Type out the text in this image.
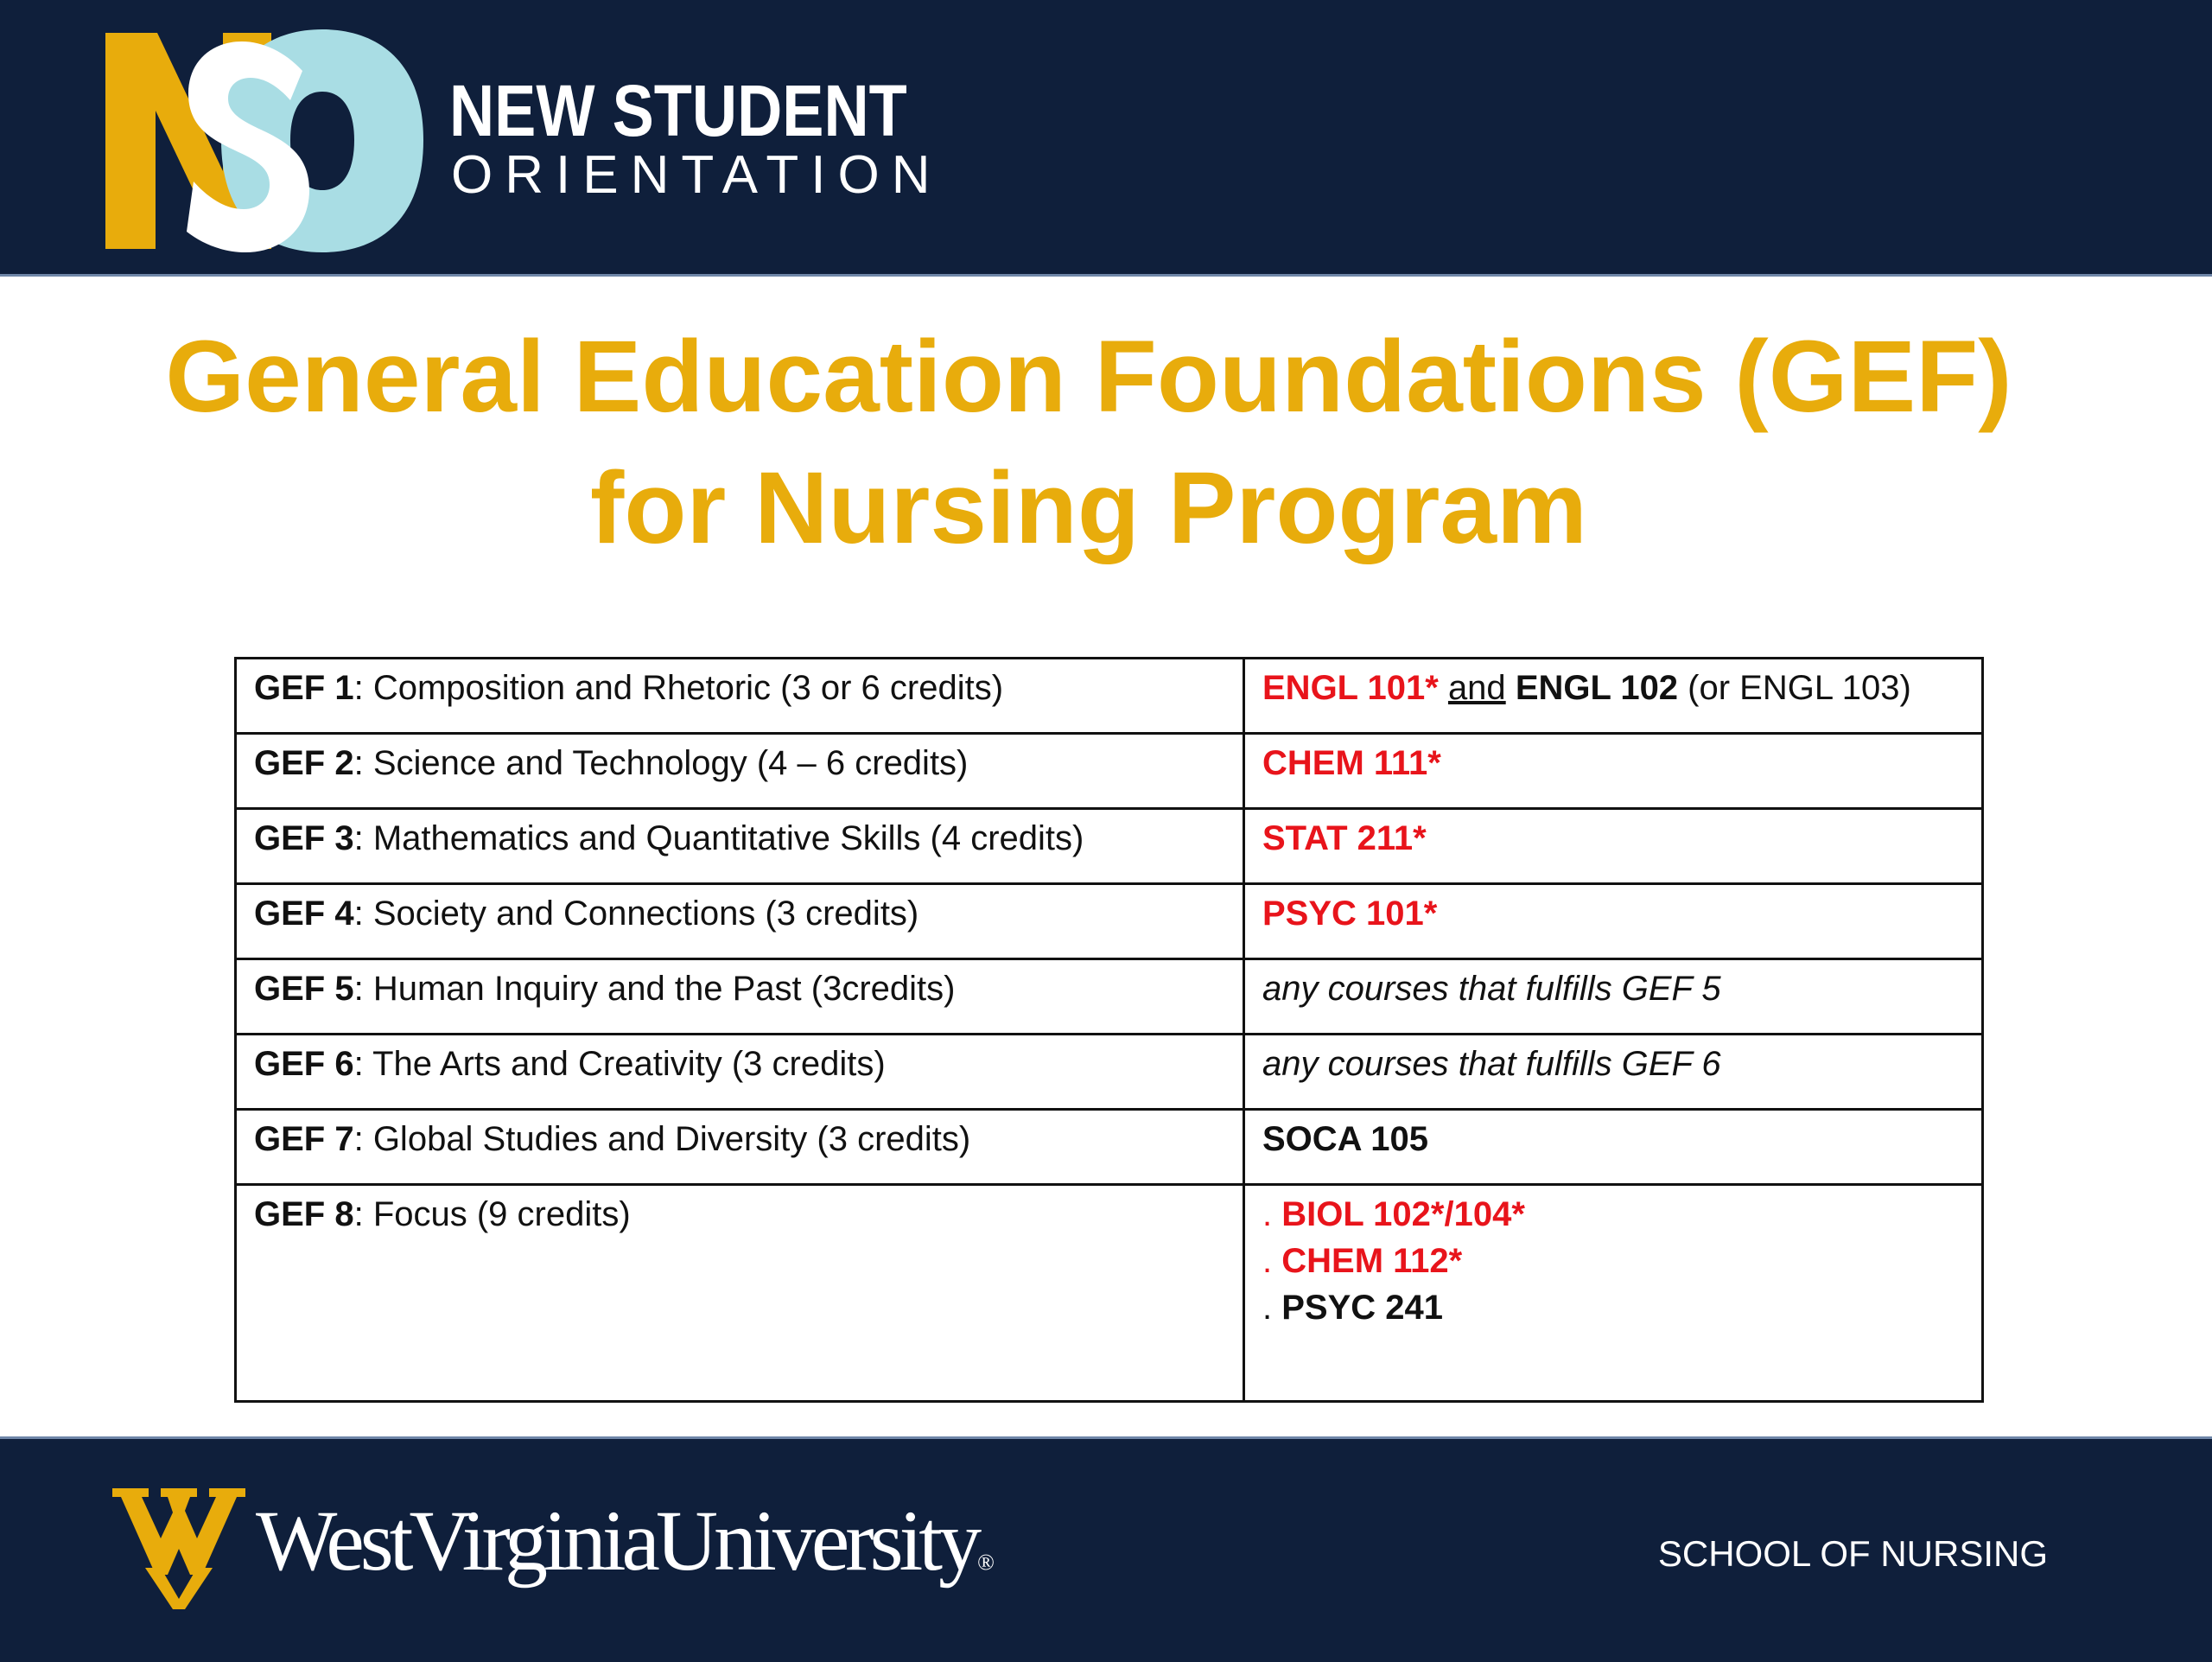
NEW STUDENT
ORIENTATION
General Education Foundations (GEF)
for Nursing Program
GEF 1: Composition and Rhetoric (3 or 6 credits)	ENGL 101* and ENGL 102 (or ENGL 103)
GEF 2: Science and Technology (4 – 6 credits)	CHEM 111*
GEF 3: Mathematics and Quantitative Skills (4 credits)	STAT 211*
GEF 4: Society and Connections (3 credits)	PSYC 101*
GEF 5: Human Inquiry and the Past (3credits)	any courses that fulfills GEF 5
GEF 6: The Arts and Creativity (3 credits)	any courses that fulfills GEF 6
GEF 7: Global Studies and Diversity (3 credits)	SOCA 105
GEF 8: Focus (9 credits)	. BIOL 102*/104*
. CHEM 112*
. PSYC 241
WestVirginiaUniversity®	SCHOOL OF NURSING
